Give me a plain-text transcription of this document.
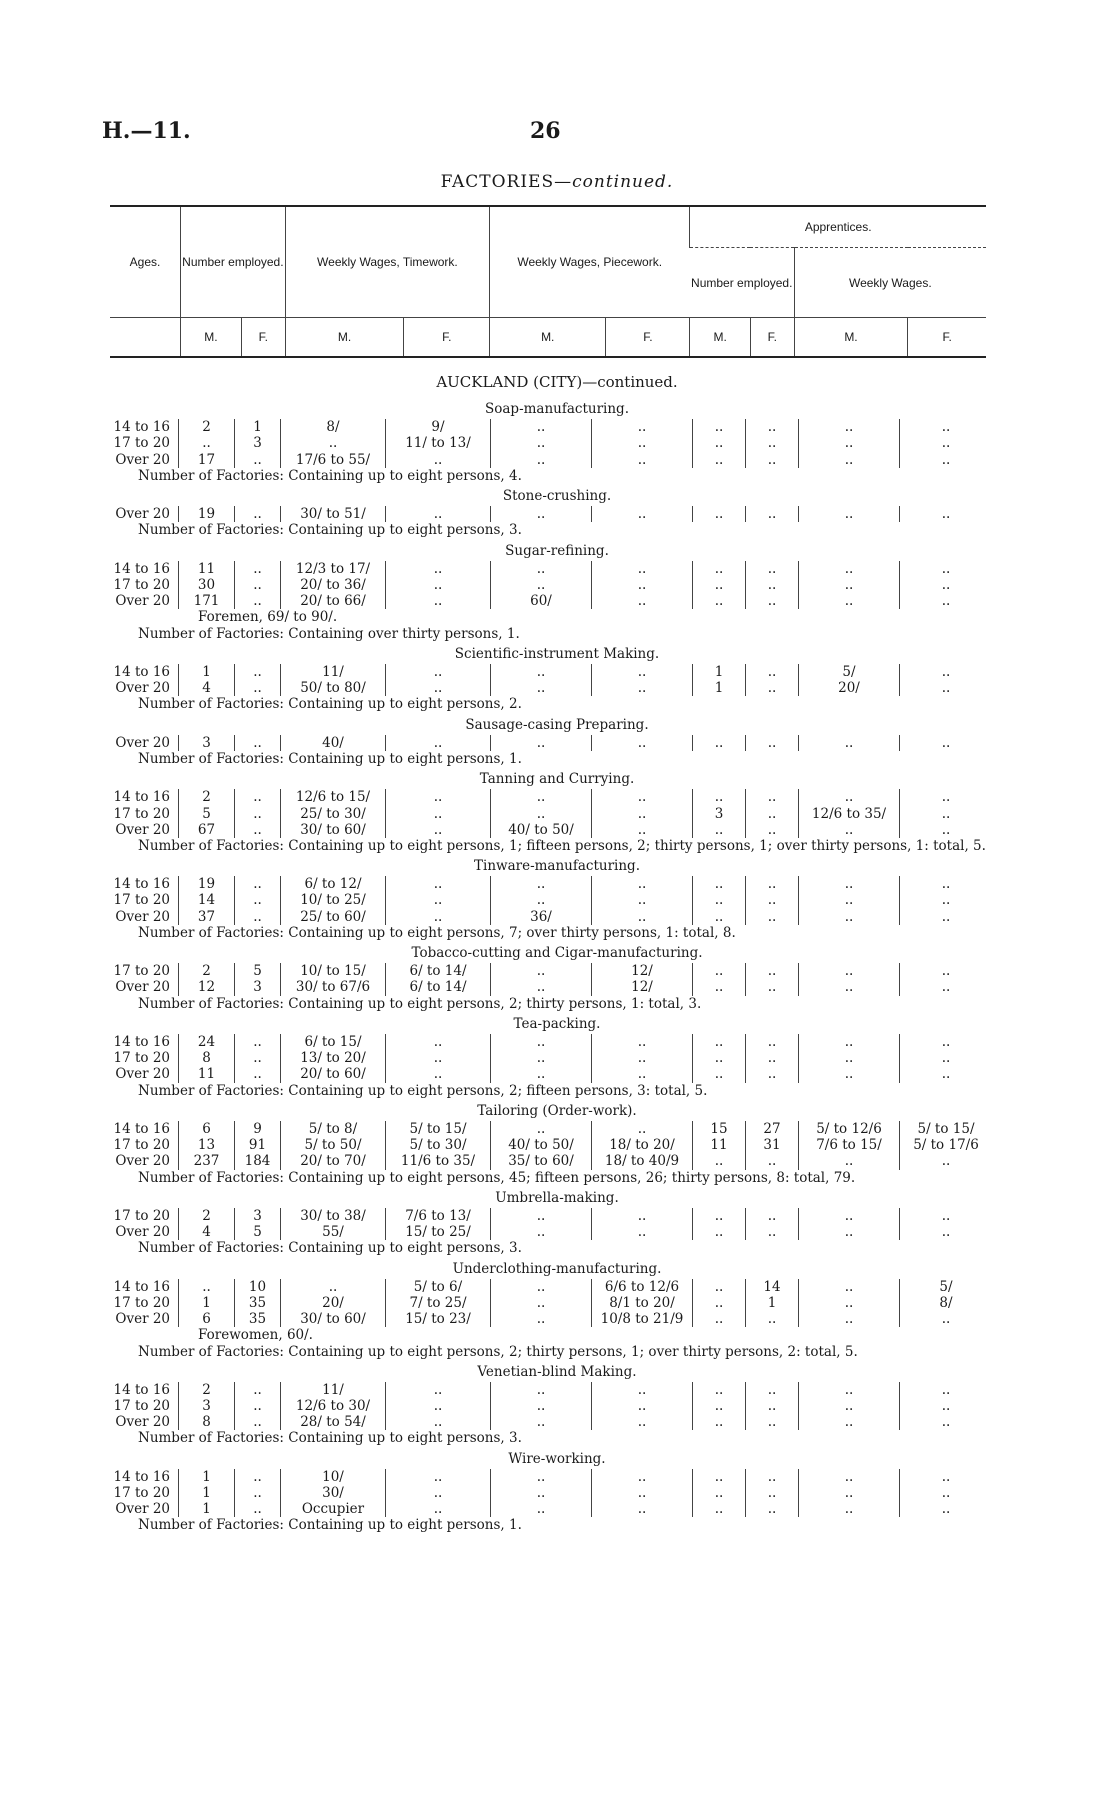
H.—11.	26
FACTORIES—continued.
Ages.	Number employed.		Weekly Wages, Timework.		Weekly Wages, Piecework.		Apprentices.			
							Number employed.		Weekly Wages.	
	M.	F.	M.	F.	M.	F.	M.	F.	M.	F.
AUCKLAND (CITY)—continued.
Soap-manufacturing.
14 to 16	2	1	8/	9/	..	..	..	..	..	..
17 to 20	..	3	..	11/ to 13/	..	..	..	..	..	..
Over 20	17	..	17/6 to 55/	..	..	..	..	..	..	..
Number of Factories: Containing up to eight persons, 4.
Stone-crushing.
Over 20	19	..	30/ to 51/	..	..	..	..	..	..	..
Number of Factories: Containing up to eight persons, 3.
Sugar-refining.
14 to 16	11	..	12/3 to 17/	..	..	..	..	..	..	..
17 to 20	30	..	20/ to 36/	..	..	..	..	..	..	..
Over 20	171	..	20/ to 66/	..	60/	..	..	..	..	..
Foremen, 69/ to 90/.
Number of Factories: Containing over thirty persons, 1.
Scientific-instrument Making.
14 to 16	1	..	11/	..	..	..	1	..	5/	..
Over 20	4	..	50/ to 80/	..	..	..	1	..	20/	..
Number of Factories: Containing up to eight persons, 2.
Sausage-casing Preparing.
Over 20	3	..	40/	..	..	..	..	..	..	..
Number of Factories: Containing up to eight persons, 1.
Tanning and Currying.
14 to 16	2	..	12/6 to 15/	..	..	..	..	..	..	..
17 to 20	5	..	25/ to 30/	..	..	..	3	..	12/6 to 35/	..
Over 20	67	..	30/ to 60/	..	40/ to 50/	..	..	..	..	..
Number of Factories: Containing up to eight persons, 1; fifteen persons, 2; thirty persons, 1; over thirty persons, 1: total, 5.
Tinware-manufacturing.
14 to 16	19	..	6/ to 12/	..	..	..	..	..	..	..
17 to 20	14	..	10/ to 25/	..	..	..	..	..	..	..
Over 20	37	..	25/ to 60/	..	36/	..	..	..	..	..
Number of Factories: Containing up to eight persons, 7; over thirty persons, 1: total, 8.
Tobacco-cutting and Cigar-manufacturing.
17 to 20	2	5	10/ to 15/	6/ to 14/	..	12/	..	..	..	..
Over 20	12	3	30/ to 67/6	6/ to 14/	..	12/	..	..	..	..
Number of Factories: Containing up to eight persons, 2; thirty persons, 1: total, 3.
Tea-packing.
14 to 16	24	..	6/ to 15/	..	..	..	..	..	..	..
17 to 20	8	..	13/ to 20/	..	..	..	..	..	..	..
Over 20	11	..	20/ to 60/	..	..	..	..	..	..	..
Number of Factories: Containing up to eight persons, 2; fifteen persons, 3: total, 5.
Tailoring (Order-work).
14 to 16	6	9	5/ to 8/	5/ to 15/	..	..	15	27	5/ to 12/6	5/ to 15/
17 to 20	13	91	5/ to 50/	5/ to 30/	40/ to 50/	18/ to 20/	11	31	7/6 to 15/	5/ to 17/6
Over 20	237	184	20/ to 70/	11/6 to 35/	35/ to 60/	18/ to 40/9	..	..	..	..
Number of Factories: Containing up to eight persons, 45; fifteen persons, 26; thirty persons, 8: total, 79.
Umbrella-making.
17 to 20	2	3	30/ to 38/	7/6 to 13/	..	..	..	..	..	..
Over 20	4	5	55/	15/ to 25/	..	..	..	..	..	..
Number of Factories: Containing up to eight persons, 3.
Underclothing-manufacturing.
14 to 16	..	10	..	5/ to 6/	..	6/6 to 12/6	..	14	..	5/
17 to 20	1	35	20/	7/ to 25/	..	8/1 to 20/	..	1	..	8/
Over 20	6	35	30/ to 60/	15/ to 23/	..	10/8 to 21/9	..	..	..	..
Forewomen, 60/.
Number of Factories: Containing up to eight persons, 2; thirty persons, 1; over thirty persons, 2: total, 5.
Venetian-blind Making.
14 to 16	2	..	11/	..	..	..	..	..	..	..
17 to 20	3	..	12/6 to 30/	..	..	..	..	..	..	..
Over 20	8	..	28/ to 54/	..	..	..	..	..	..	..
Number of Factories: Containing up to eight persons, 3.
Wire-working.
14 to 16	1	..	10/	..	..	..	..	..	..	..
17 to 20	1	..	30/	..	..	..	..	..	..	..
Over 20	1	..	Occupier	..	..	..	..	..	..	..
Number of Factories: Containing up to eight persons, 1.
